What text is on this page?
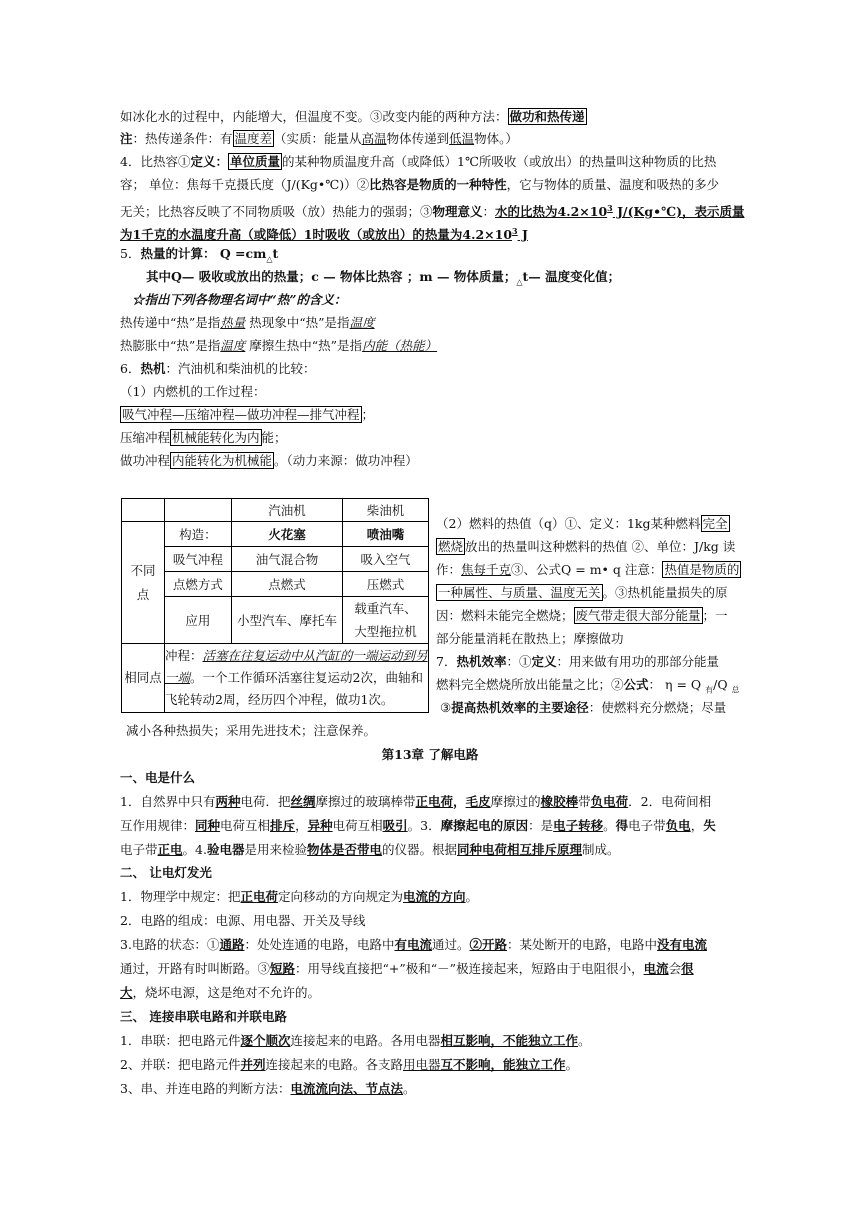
如冰化水的过程中，内能增大，但温度不变。③改变内能的两种方法： 做功和热传递
注：热传递条件：有 温度差 （实质：能量从高温物体传递到低温物体。）
4．比热容①定义： 单位质量 的某种物质温度升高（或降低）1℃所吸收（或放出）的热量叫这种物质的比热
容； 单位：焦每千克摄氏度（J/(Kg•℃)）②比热容是物质的一种特性，它与物体的质量、温度和吸热的多少
无关；比热容反映了不同物质吸（放）热能力的强弱；③物理意义：水的比热为$4.2\times 10^3$ J/(Kg•℃)，表示质量
为1千克的水温度升高（或降低）1时吸收（或放出）的热量为$4.2\times 10^3$ J
5．热量的计算： $Q =cm_\triangle t$
其中Q— 吸收或放出的热量；c — 物体比热容 ；m — 物体质量；$_\triangle$t— 温度变化值；
☆指出下列各物理名词中“热”的含义：
热传递中“热”是指热量 热现象中“热”是指温度
热膨胀中“热”是指温度 摩擦生热中“热”是指内能（热能）
6．热机：汽油机和柴油机的比较：
（1）内燃机的工作过程：
吸气冲程—压缩冲程—做功冲程—排气冲程 ；
压缩冲程 机械能转化为内 能；
做功冲程 内能转化为机械能 。（动力来源：做功冲程）
		汽油机	柴油机
不同点	构造：	火花塞	喷油嘴
	吸气冲程	油气混合物	吸入空气
	点燃方式	点燃式	压燃式
	应用	小型汽车、摩托车	载重汽车、大型拖拉机
相同点	冲程：活塞在往复运动中从汽缸的一端运动到另
一端。一个工作循环活塞往复运动2次，曲轴和
飞轮转动2周，经历四个冲程，做功1次。		
（2）燃料的热值（q）①、定义：1kg某种燃料 完全
燃烧 放出的热量叫这种燃料的热值 ②、单位：J/kg 读
作：焦每千克③、公式Q = m• q 注意： 热值是物质的
一种属性、与质量、温度无关 。③热机能量损失的原
因：燃料未能完全燃烧； 废气带走很大部分能量 ；一
部分能量消耗在散热上；摩擦做功
7．热机效率：①定义：用来做有用功的那部分能量
燃料完全燃烧所放出能量之比；②公式： η = Q $_有$/Q $_总$
③提高热机效率的主要途径：使燃料充分燃烧；尽量
减小各种热损失；采用先进技术；注意保养。
第13章 了解电路
一、电是什么
1．自然界中只有两种电荷．把丝绸摩擦过的玻璃棒带正电荷，毛皮摩擦过的橡胶棒带负电荷．2．电荷间相
互作用规律：同种电荷互相排斥，异种电荷互相吸引。3．摩擦起电的原因：是电子转移。得电子带负电，失
电子带正电。4.验电器是用来检验物体是否带电的仪器。根据同种电荷相互排斥原理制成。
二、 让电灯发光
1．物理学中规定：把正电荷定向移动的方向规定为电流的方向。
2．电路的组成：电源、用电器、开关及导线
3.电路的状态：①通路：处处连通的电路，电路中有电流通过。②开路：某处断开的电路，电路中没有电流
通过，开路有时叫断路。③短路：用导线直接把“+”极和“－”极连接起来，短路由于电阻很小，电流会很
大，烧坏电源，这是绝对不允许的。
三、 连接串联电路和并联电路
1．串联：把电路元件逐个顺次连接起来的电路。各用电器相互影响，不能独立工作。
2、并联：把电路元件并列连接起来的电路。各支路用电器互不影响，能独立工作。
3、串、并连电路的判断方法：电流流向法、节点法。
